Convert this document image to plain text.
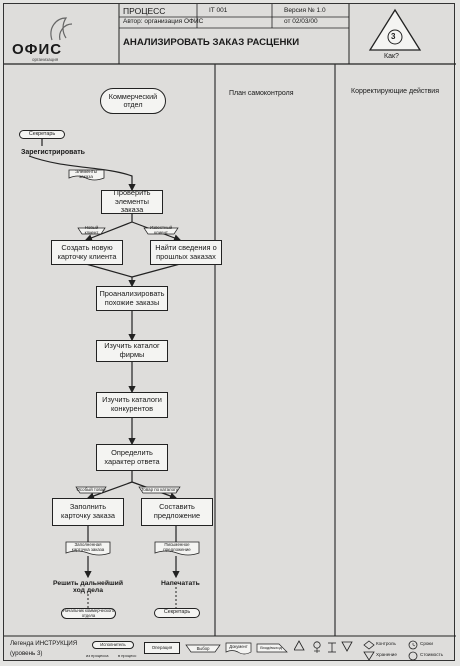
ОФИС
организация
ПРОЦЕСС	IT 001	Версия № 1.0
Автор: организация ОФИС	от 02/03/00
АНАЛИЗИРОВАТЬ ЗАКАЗ РАСЦЕНКИ
3
Как?
Коммерческий отдел
План самоконтроля	Корректирующие действия
Секретарь
Зарегистрировать
Элементы заказа
Проверить элементы заказа
Новый клиент
Известный клиент
Создать новую карточку клиента
Найти сведения о прошлых заказах
Проанализировать похожие заказы
Изучить каталог фирмы
Изучить каталоги конкурентов
Определить характер ответа
Особый товар	Товар по каталогу
Заполнить карточку заказа
Составить предложение
Заполненная карточка заказа
Письменное предложение
Решить дальнейший ход дела
Напечатать
Начальник коммерческого отдела	Секретарь
Легенда ИНСТРУКЦИЯ
(уровень 3)
Исполнитель
из процесса в процесс
Операция	Выбор	Документ	Вход/выход
Контроль
Хранение
Сроки
Стоимость
